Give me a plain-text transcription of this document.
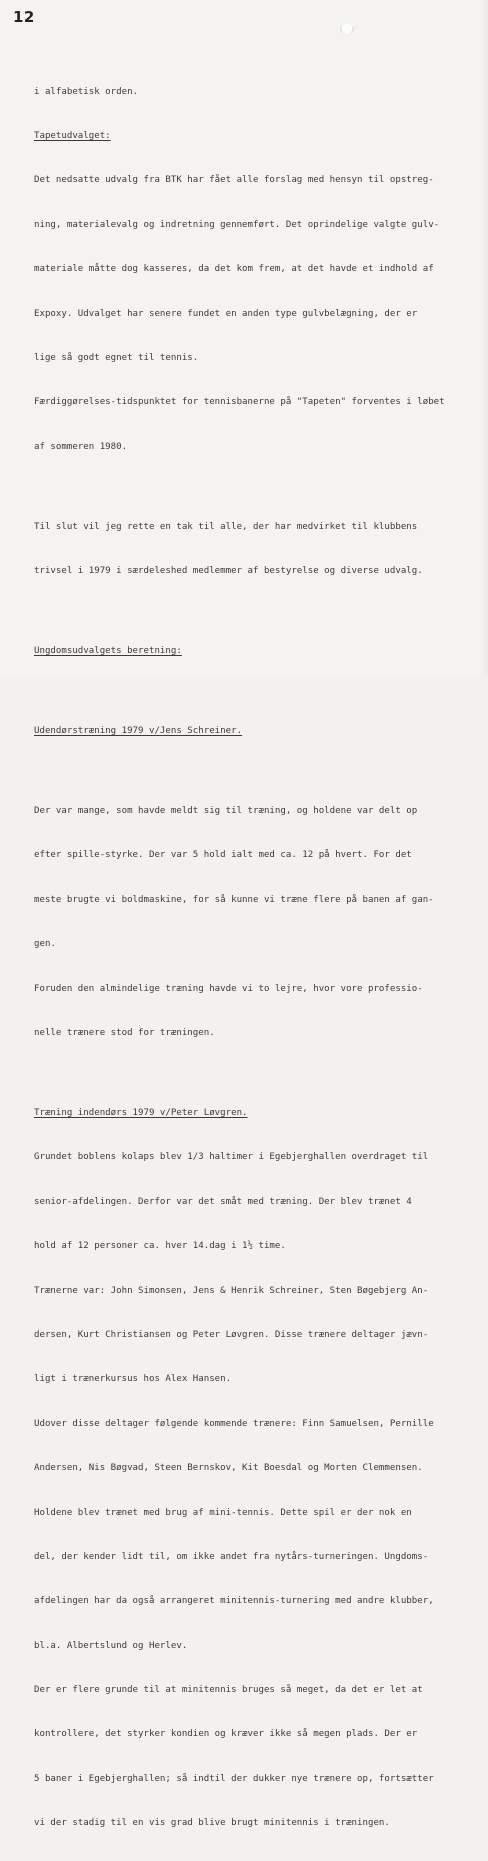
12

i alfabetisk orden.

Tapetudvalget:

Det nedsatte udvalg fra BTK har fået alle forslag med hensyn til opstreg-

ning, materialevalg og indretning gennemført. Det oprindelige valgte gulv-

materiale måtte dog kasseres, da det kom frem, at det havde et indhold af

Expoxy. Udvalget har senere fundet en anden type gulvbelægning, der er

lige så godt egnet til tennis.

Færdiggørelses-tidspunktet for tennisbanerne på "Tapeten" forventes i løbet

af sommeren 1980.

Til slut vil jeg rette en tak til alle, der har medvirket til klubbens

trivsel i 1979 i særdeleshed medlemmer af bestyrelse og diverse udvalg.

Ungdomsudvalgets beretning:

Udendørstræning 1979 v/Jens Schreiner.

Der var mange, som havde meldt sig til træning, og holdene var delt op

efter spille-styrke. Der var 5 hold ialt med ca. 12 på hvert. For det

meste brugte vi boldmaskine, for så kunne vi træne flere på banen af gan-

gen.

Foruden den almindelige træning havde vi to lejre, hvor vore professio-

nelle trænere stod for træningen.

Træning indendørs 1979 v/Peter Løvgren.

Grundet boblens kolaps blev 1/3 haltimer i Egebjerghallen overdraget til

senior-afdelingen. Derfor var det småt med træning. Der blev trænet 4

hold af 12 personer ca. hver 14.dag i 1½ time.

Trænerne var: John Simonsen, Jens & Henrik Schreiner, Sten Bøgebjerg An-

dersen, Kurt Christiansen og Peter Løvgren. Disse trænere deltager jævn-

ligt i trænerkursus hos Alex Hansen.

Udover disse deltager følgende kommende trænere: Finn Samuelsen, Pernille

Andersen, Nis Bøgvad, Steen Bernskov, Kit Boesdal og Morten Clemmensen.

Holdene blev trænet med brug af mini-tennis. Dette spil er der nok en

del, der kender lidt til, om ikke andet fra nytårs-turneringen. Ungdoms-

afdelingen har da også arrangeret minitennis-turnering med andre klubber,

bl.a. Albertslund og Herlev.

Der er flere grunde til at minitennis bruges så meget, da det er let at

kontrollere, det styrker kondien og kræver ikke så megen plads. Der er

5 baner i Egebjerghallen; så indtil der dukker nye trænere op, fortsætter

vi der stadig til en vis grad blive brugt minitennis i træningen.
